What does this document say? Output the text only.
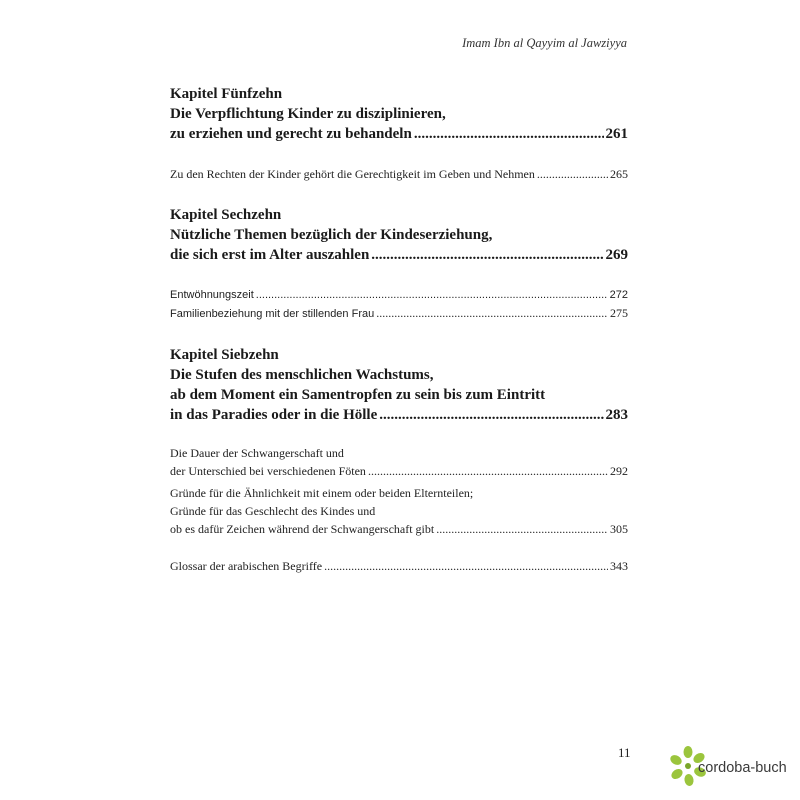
Imam Ibn al Qayyim al Jawziyya
Kapitel Fünfzehn
Die Verpflichtung Kinder zu disziplinieren,
zu erziehen und gerecht zu behandeln .....	261
Zu den Rechten der Kinder gehört die Gerechtigkeit im Geben und Nehmen .....	265
Kapitel Sechzehn
Nützliche Themen bezüglich der Kindeserziehung,
die sich erst im Alter auszahlen .....	269
Entwöhnungszeit .....	272
Familienbeziehung mit der stillenden Frau .....	275
Kapitel Siebzehn
Die Stufen des menschlichen Wachstums,
ab dem Moment ein Samentropfen zu sein bis zum Eintritt
in das Paradies oder in die Hölle .....	283
Die Dauer der Schwangerschaft und
der Unterschied bei verschiedenen Föten .....	292
Gründe für die Ähnlichkeit mit einem oder beiden Elternteilen;
Gründe für das Geschlecht des Kindes und
ob es dafür Zeichen während der Schwangerschaft gibt .....	305
Glossar der arabischen Begriffe .....	343
11
cordoba-buch
